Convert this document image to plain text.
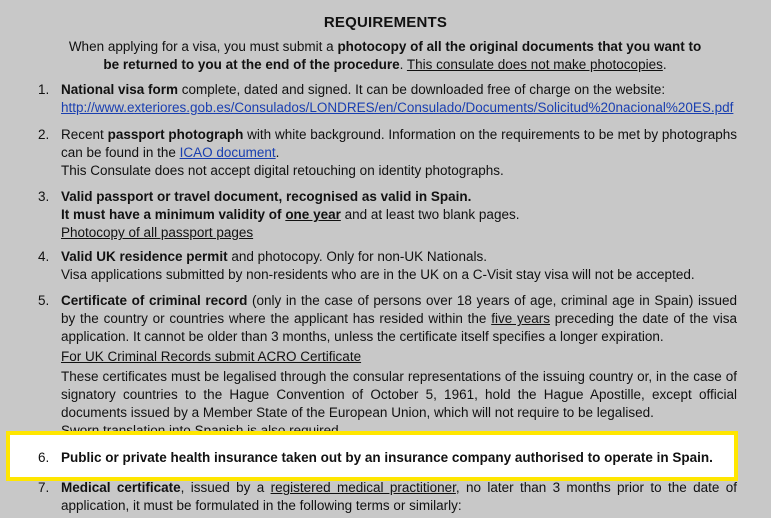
REQUIREMENTS
When applying for a visa, you must submit a photocopy of all the original documents that you want to be returned to you at the end of the procedure. This consulate does not make photocopies.
1. National visa form complete, dated and signed. It can be downloaded free of charge on the website:
http://www.exteriores.gob.es/Consulados/LONDRES/en/Consulado/Documents/Solicitud%20nacional%20ES.pdf
2. Recent passport photograph with white background. Information on the requirements to be met by photographs can be found in the ICAO document.
This Consulate does not accept digital retouching on identity photographs.
3. Valid passport or travel document, recognised as valid in Spain.
It must have a minimum validity of one year and at least two blank pages.
Photocopy of all passport pages
4. Valid UK residence permit and photocopy. Only for non-UK Nationals.
Visa applications submitted by non-residents who are in the UK on a C-Visit stay visa will not be accepted.
5. Certificate of criminal record (only in the case of persons over 18 years of age, criminal age in Spain) issued by the country or countries where the applicant has resided within the five years preceding the date of the visa application. It cannot be older than 3 months, unless the certificate itself specifies a longer expiration.
For UK Criminal Records submit ACRO Certificate
These certificates must be legalised through the consular representations of the issuing country or, in the case of signatory countries to the Hague Convention of October 5, 1961, hold the Hague Apostille, except official documents issued by a Member State of the European Union, which will not require to be legalised.
6. Public or private health insurance taken out by an insurance company authorised to operate in Spain.
7. Medical certificate, issued by a registered medical practitioner, no later than 3 months prior to the date of application, it must be formulated in the following terms or similarly:
